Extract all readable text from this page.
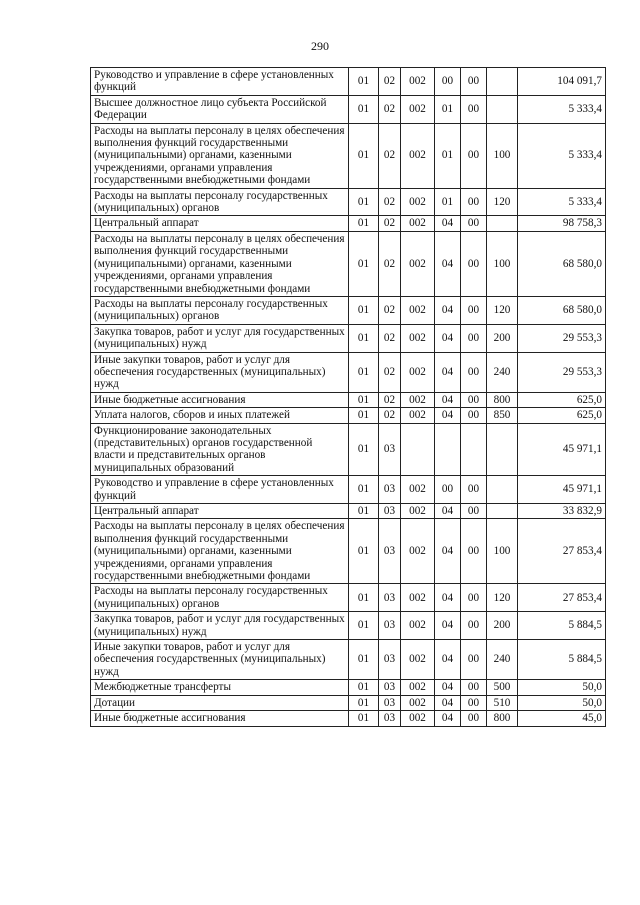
290
Руководство и управление в сфере установленных функций	01	02	002	00	00		104 091,7
Высшее должностное лицо субъекта Российской Федерации	01	02	002	01	00		5 333,4
Расходы на выплаты персоналу в целях обеспечения выполнения функций государственными (муниципальными) органами, казенными учреждениями, органами управления государственными внебюджетными фондами	01	02	002	01	00	100	5 333,4
Расходы на выплаты персоналу государственных (муниципальных) органов	01	02	002	01	00	120	5 333,4
Центральный аппарат	01	02	002	04	00		98 758,3
Расходы на выплаты персоналу в целях обеспечения выполнения функций государственными (муниципальными) органами, казенными учреждениями, органами управления государственными внебюджетными фондами	01	02	002	04	00	100	68 580,0
Расходы на выплаты персоналу государственных (муниципальных) органов	01	02	002	04	00	120	68 580,0
Закупка товаров, работ и услуг для государственных (муниципальных) нужд	01	02	002	04	00	200	29 553,3
Иные закупки товаров, работ и услуг для обеспечения государственных (муниципальных) нужд	01	02	002	04	00	240	29 553,3
Иные бюджетные ассигнования	01	02	002	04	00	800	625,0
Уплата налогов, сборов и иных платежей	01	02	002	04	00	850	625,0
Функционирование законодательных (представительных) органов государственной власти и представительных органов муниципальных образований	01	03					45 971,1
Руководство и управление в сфере установленных функций	01	03	002	00	00		45 971,1
Центральный аппарат	01	03	002	04	00		33 832,9
Расходы на выплаты персоналу в целях обеспечения выполнения функций государственными (муниципальными) органами, казенными учреждениями, органами управления государственными внебюджетными фондами	01	03	002	04	00	100	27 853,4
Расходы на выплаты персоналу государственных (муниципальных) органов	01	03	002	04	00	120	27 853,4
Закупка товаров, работ и услуг для государственных (муниципальных) нужд	01	03	002	04	00	200	5 884,5
Иные закупки товаров, работ и услуг для обеспечения государственных (муниципальных) нужд	01	03	002	04	00	240	5 884,5
Межбюджетные трансферты	01	03	002	04	00	500	50,0
Дотации	01	03	002	04	00	510	50,0
Иные бюджетные ассигнования	01	03	002	04	00	800	45,0
